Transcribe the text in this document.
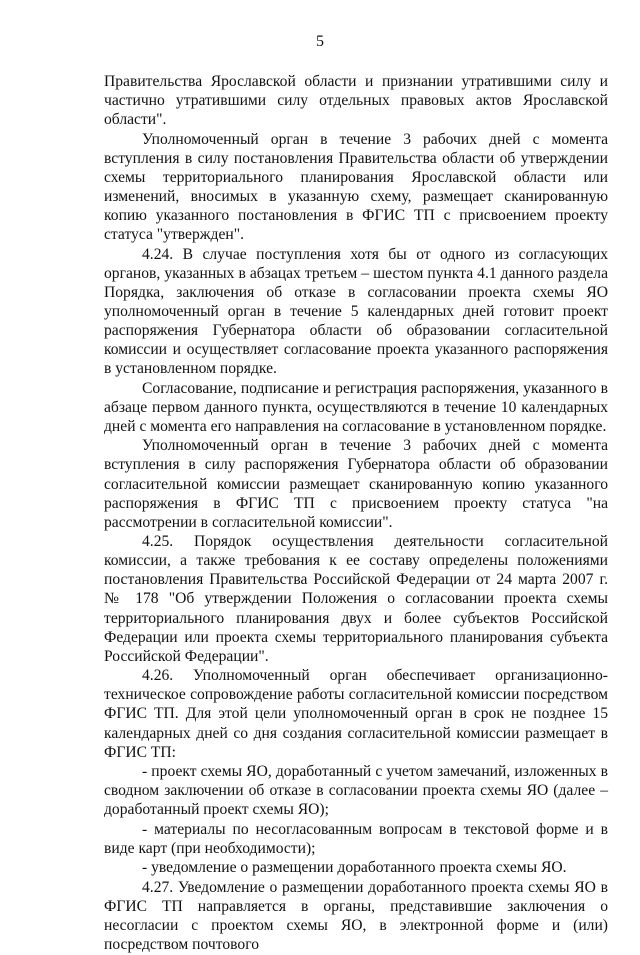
5

Правительства Ярославской области и признании утратившими силу и частично утратившими силу отдельных правовых актов Ярославской области".

Уполномоченный орган в течение 3 рабочих дней с момента вступления в силу постановления Правительства области об утверждении схемы территориального планирования Ярославской области или изменений, вносимых в указанную схему, размещает сканированную копию указанного постановления в ФГИС ТП с присвоением проекту статуса "утвержден".

4.24. В случае поступления хотя бы от одного из согласующих органов, указанных в абзацах третьем – шестом пункта 4.1 данного раздела Порядка, заключения об отказе в согласовании проекта схемы ЯО уполномоченный орган в течение 5 календарных дней готовит проект распоряжения Губернатора области об образовании согласительной комиссии и осуществляет согласование проекта указанного распоряжения в установленном порядке.

Согласование, подписание и регистрация распоряжения, указанного в абзаце первом данного пункта, осуществляются в течение 10 календарных дней с момента его направления на согласование в установленном порядке.

Уполномоченный орган в течение 3 рабочих дней с момента вступления в силу распоряжения Губернатора области об образовании согласительной комиссии размещает сканированную копию указанного распоряжения в ФГИС ТП с присвоением проекту статуса "на рассмотрении в согласительной комиссии".

4.25. Порядок осуществления деятельности согласительной комиссии, а также требования к ее составу определены положениями постановления Правительства Российской Федерации от 24 марта 2007 г. № 178 "Об утверждении Положения о согласовании проекта схемы территориального планирования двух и более субъектов Российской Федерации или проекта схемы территориального планирования субъекта Российской Федерации".

4.26. Уполномоченный орган обеспечивает организационно-техническое сопровождение работы согласительной комиссии посредством ФГИС ТП. Для этой цели уполномоченный орган в срок не позднее 15 календарных дней со дня создания согласительной комиссии размещает в ФГИС ТП:

- проект схемы ЯО, доработанный с учетом замечаний, изложенных в сводном заключении об отказе в согласовании проекта схемы ЯО (далее – доработанный проект схемы ЯО);

- материалы по несогласованным вопросам в текстовой форме и в виде карт (при необходимости);

- уведомление о размещении доработанного проекта схемы ЯО.

4.27. Уведомление о размещении доработанного проекта схемы ЯО в ФГИС ТП направляется в органы, представившие заключения о несогласии с проектом схемы ЯО, в электронной форме и (или) посредством почтового
